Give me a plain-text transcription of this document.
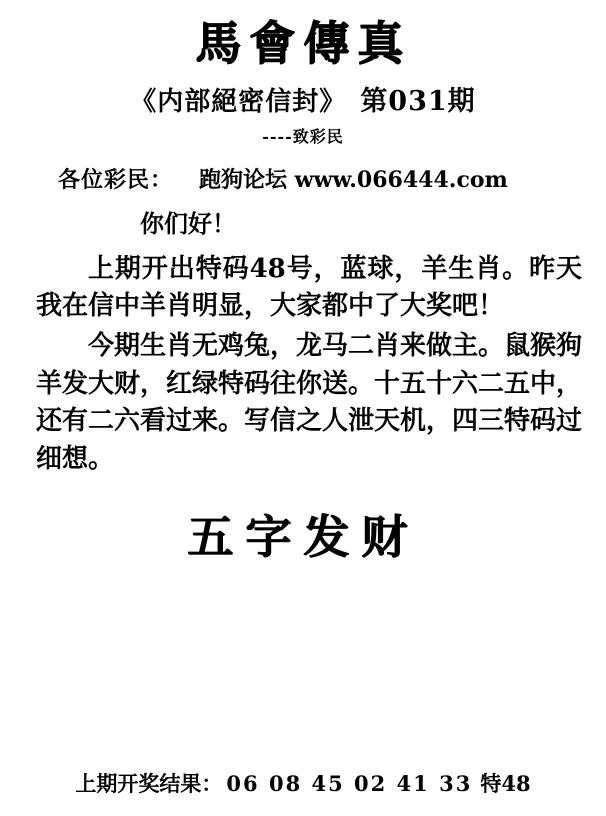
馬會傳真
《内部絕密信封》 第031期
----致彩民
各位彩民： 跑狗论坛 www.066444.com
你们好！

上期开出特码48号，蓝球，羊生肖。昨天我在信中羊肖明显，大家都中了大奖吧！

今期生肖无鸡兔，龙马二肖来做主。鼠猴狗羊发大财，红绿特码往你送。十五十六二五中，还有二六看过来。写信之人泄天机，四三特码过细想。

五字发财
上期开奖结果： 06 08 45 02 41 33 特48
